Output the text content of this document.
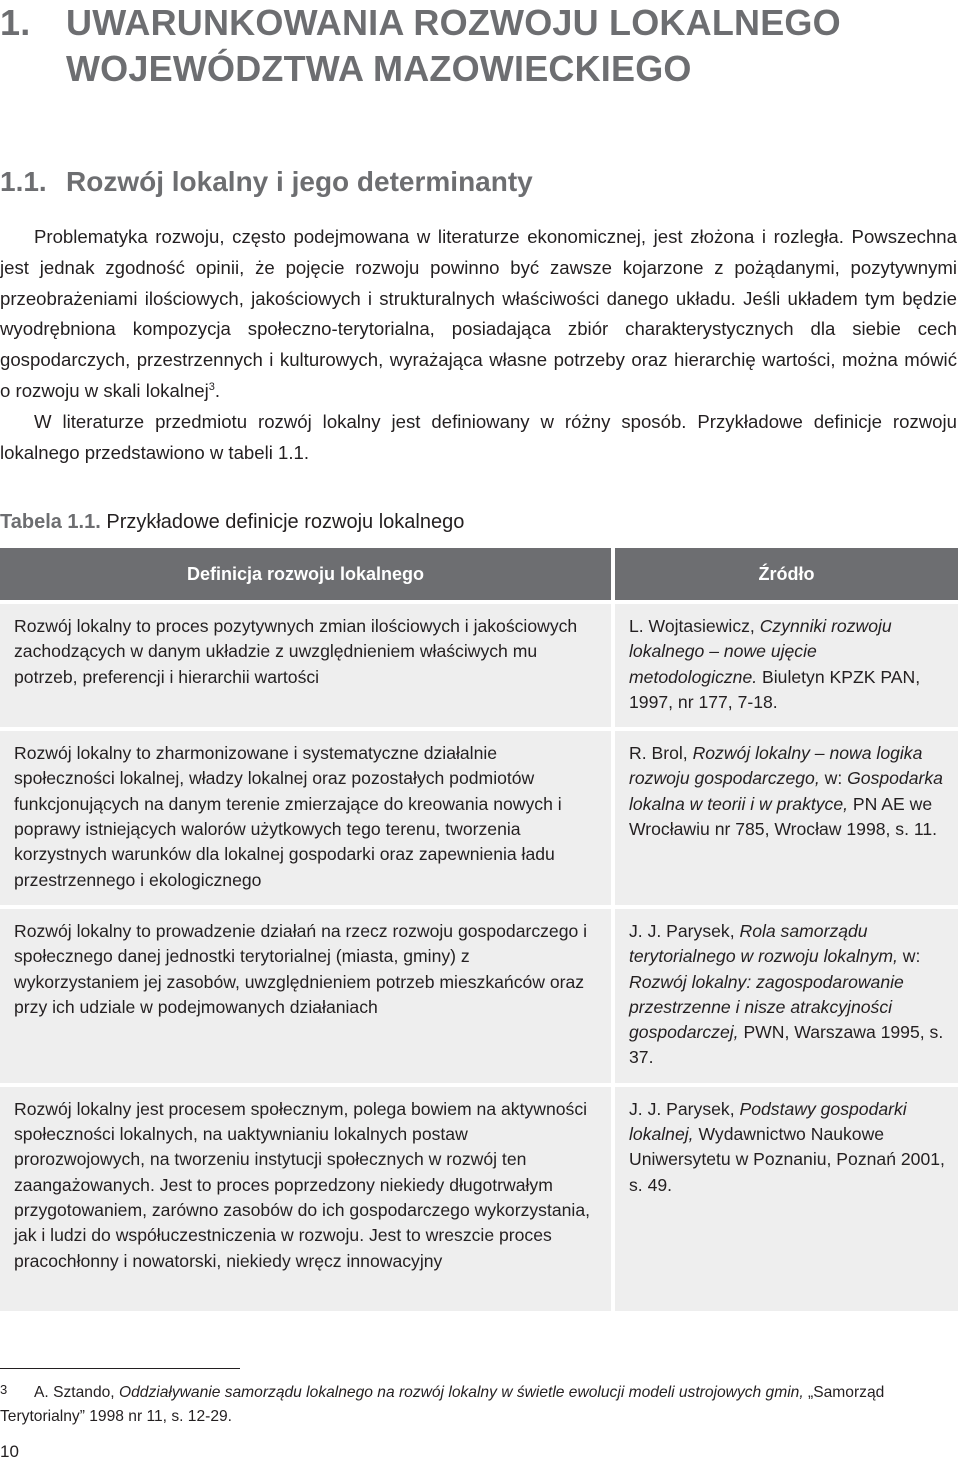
1. UWARUNKOWANIA ROZWOJU LOKALNEGO
WOJEWÓDZTWA MAZOWIECKIEGO
1.1. Rozwój lokalny i jego determinanty

Problematyka rozwoju, często podejmowana w literaturze ekonomicznej, jest złożona i rozległa. Powszechna jest jednak zgodność opinii, że pojęcie rozwoju powinno być zawsze kojarzone z pożądanymi, pozytywnymi przeobrażeniami ilościowych, jakościowych i strukturalnych właściwości danego układu. Jeśli układem tym będzie wyodrębniona kompozycja społeczno-terytorialna, posiadająca zbiór charakterystycznych dla siebie cech gospodarczych, przestrzennych i kulturowych, wyrażająca własne potrzeby oraz hierarchię wartości, można mówić o rozwoju w skali lokalnej$^3$.

W literaturze przedmiotu rozwój lokalny jest definiowany w różny sposób. Przykładowe definicje rozwoju lokalnego przedstawiono w tabeli 1.1.

Tabela 1.1. Przykładowe definicje rozwoju lokalnego
Definicja rozwoju lokalnego	Źródło
Rozwój lokalny to proces pozytywnych zmian ilościowych i jakościowych zachodzących w danym układzie z uwzględnieniem właściwych mu potrzeb, preferencji i hierarchii wartości	L. Wojtasiewicz, Czynniki rozwoju lokalnego – nowe ujęcie metodologiczne. Biuletyn KPZK PAN, 1997, nr 177, 7-18.
Rozwój lokalny to zharmonizowane i systematyczne działalnie społeczności lokalnej, władzy lokalnej oraz pozostałych podmiotów funkcjonujących na danym terenie zmierzające do kreowania nowych i poprawy istniejących walorów użytkowych tego terenu, tworzenia korzystnych warunków dla lokalnej gospodarki oraz zapewnienia ładu przestrzennego i ekologicznego	R. Brol, Rozwój lokalny – nowa logika rozwoju gospodarczego, w: Gospodarka lokalna w teorii i w praktyce, PN AE we Wrocławiu nr 785, Wrocław 1998, s. 11.
Rozwój lokalny to prowadzenie działań na rzecz rozwoju gospodarczego i społecznego danej jednostki terytorialnej (miasta, gminy) z wykorzystaniem jej zasobów, uwzględnieniem potrzeb mieszkańców oraz przy ich udziale w podejmowanych działaniach	J. J. Parysek, Rola samorządu terytorialnego w rozwoju lokalnym, w: Rozwój lokalny: zagospodarowanie przestrzenne i nisze atrakcyjności gospodarczej, PWN, Warszawa 1995, s. 37.
Rozwój lokalny jest procesem społecznym, polega bowiem na aktywności społeczności lokalnych, na uaktywnianiu lokalnych postaw prorozwojowych, na tworzeniu instytucji społecznych w rozwój ten zaangażowanych. Jest to proces poprzedzony niekiedy długotrwałym przygotowaniem, zarówno zasobów do ich gospodarczego wykorzystania, jak i ludzi do współuczestniczenia w rozwoju. Jest to wreszcie proces pracochłonny i nowatorski, niekiedy wręcz innowacyjny	J. J. Parysek, Podstawy gospodarki lokalnej, Wydawnictwo Naukowe Uniwersytetu w Poznaniu, Poznań 2001, s. 49.

3 A. Sztando, Oddziaływanie samorządu lokalnego na rozwój lokalny w świetle ewolucji modeli ustrojowych gmin, „Samorząd Terytorialny” 1998 nr 11, s. 12-29.

10
